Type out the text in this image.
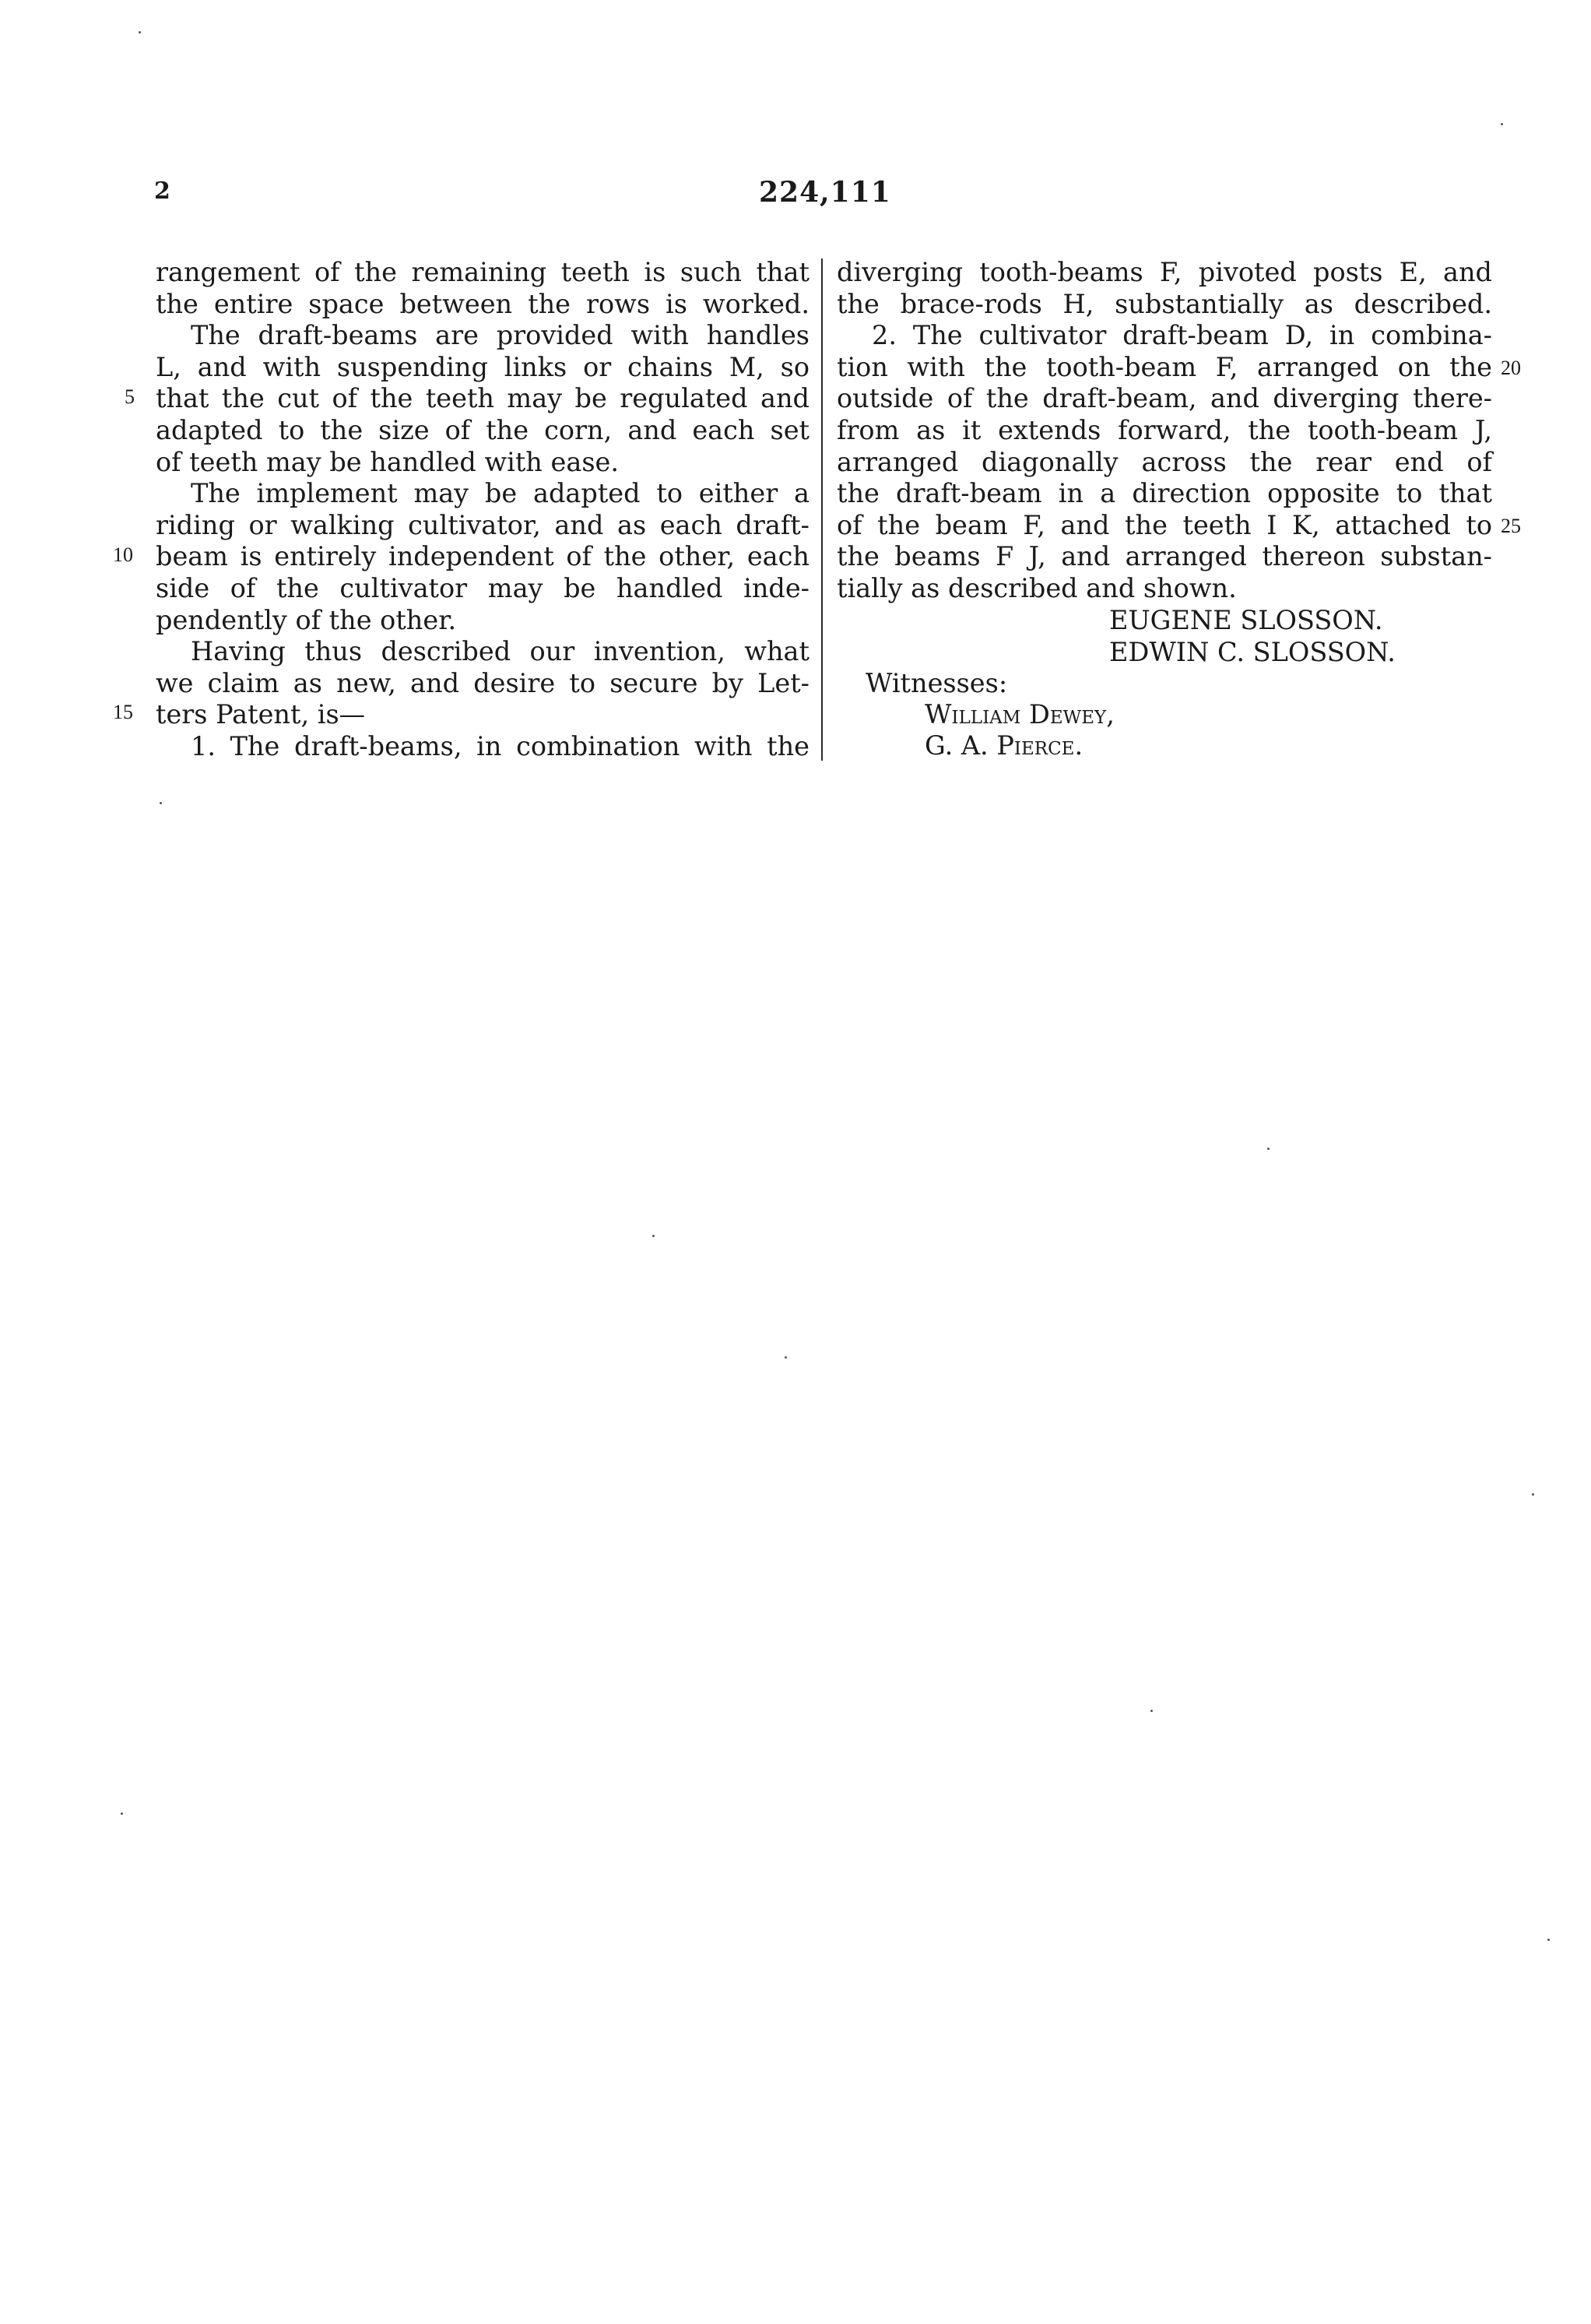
2	224,111
rangement of the remaining teeth is such that
the entire space between the rows is worked.
The draft-beams are provided with handles
L, and with suspending links or chains M, so
that the cut of the teeth may be regulated and
adapted to the size of the corn, and each set
of teeth may be handled with ease.
The implement may be adapted to either a
riding or walking cultivator, and as each draft-
beam is entirely independent of the other, each
side of the cultivator may be handled inde-
pendently of the other.
Having thus described our invention, what
we claim as new, and desire to secure by Let-
ters Patent, is—
1. The draft-beams, in combination with the
diverging tooth-beams F, pivoted posts E, and
the brace-rods H, substantially as described.
2. The cultivator draft-beam D, in combina-
tion with the tooth-beam F, arranged on the
outside of the draft-beam, and diverging there-
from as it extends forward, the tooth-beam J,
arranged diagonally across the rear end of
the draft-beam in a direction opposite to that
of the beam F, and the teeth I K, attached to
the beams F J, and arranged thereon substan-
tially as described and shown.
5
10
15
20
25
EUGENE SLOSSON.
EDWIN C. SLOSSON.
Witnesses:
William Dewey,
G. A. Pierce.
